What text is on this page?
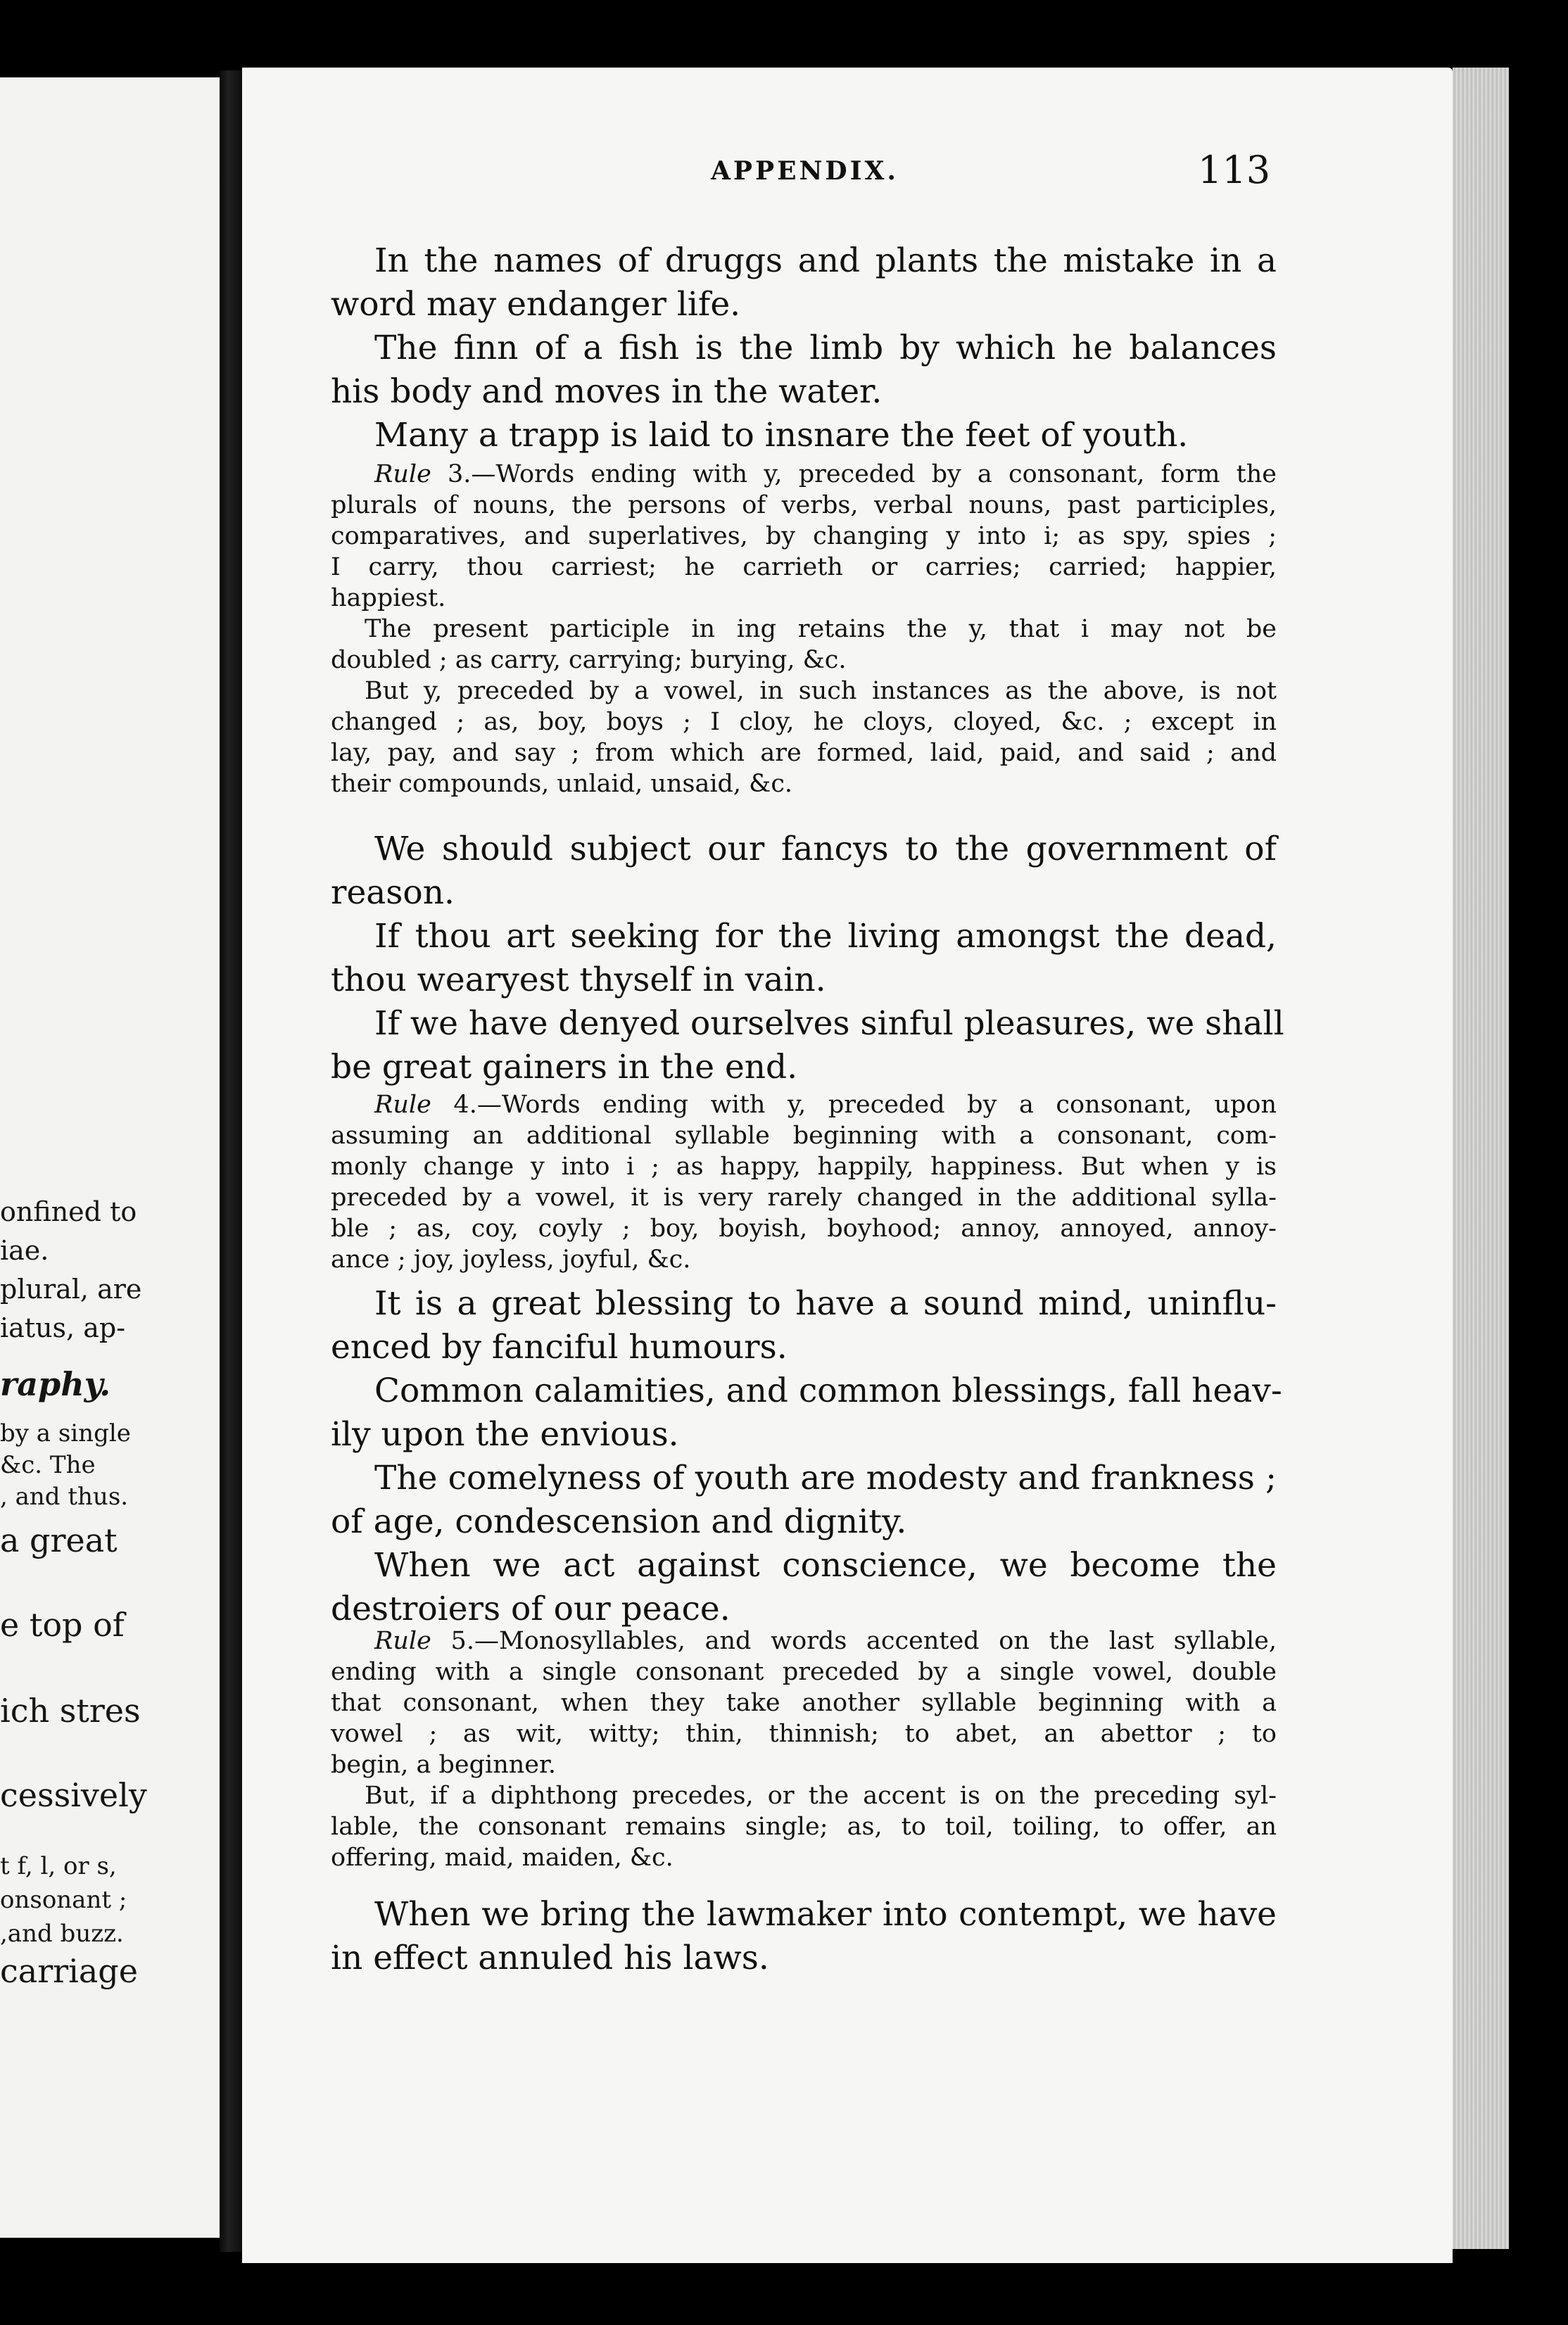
onfined to
iae.
plural, are
iatus, ap-
raphy.
by a single
&c. The
, and thus.
a great
e top of
ich stres
cessively
t f, l, or s,
onsonant ;
,and buzz.
carriage
APPENDIX.	113

In the names of druggs and plants the mistake in a
word may endanger life.

The finn of a fish is the limb by which he balances
his body and moves in the water.

Many a trapp is laid to insnare the feet of youth.

Rule 3.—Words ending with y, preceded by a consonant, form the
plurals of nouns, the persons of verbs, verbal nouns, past participles,
comparatives, and superlatives, by changing y into i; as spy, spies ;
I carry, thou carriest; he carrieth or carries; carried; happier,
happiest.

The present participle in ing retains the y, that i may not be
doubled ; as carry, carrying; burying, &c.

But y, preceded by a vowel, in such instances as the above, is not
changed ; as, boy, boys ; I cloy, he cloys, cloyed, &c. ; except in
lay, pay, and say ; from which are formed, laid, paid, and said ; and
their compounds, unlaid, unsaid, &c.

We should subject our fancys to the government of
reason.

If thou art seeking for the living amongst the dead,
thou wearyest thyself in vain.

If we have denyed ourselves sinful pleasures, we shall
be great gainers in the end.

Rule 4.—Words ending with y, preceded by a consonant, upon
assuming an additional syllable beginning with a consonant, com-
monly change y into i ; as happy, happily, happiness. But when y is
preceded by a vowel, it is very rarely changed in the additional sylla-
ble ; as, coy, coyly ; boy, boyish, boyhood; annoy, annoyed, annoy-
ance ; joy, joyless, joyful, &c.

It is a great blessing to have a sound mind, uninflu-
enced by fanciful humours.

Common calamities, and common blessings, fall heav-
ily upon the envious.

The comelyness of youth are modesty and frankness ;
of age, condescension and dignity.

When we act against conscience, we become the
destroiers of our peace.

Rule 5.—Monosyllables, and words accented on the last syllable,
ending with a single consonant preceded by a single vowel, double
that consonant, when they take another syllable beginning with a
vowel ; as wit, witty; thin, thinnish; to abet, an abettor ; to
begin, a beginner.

But, if a diphthong precedes, or the accent is on the preceding syl-
lable, the consonant remains single; as, to toil, toiling, to offer, an
offering, maid, maiden, &c.

When we bring the lawmaker into contempt, we have
in effect annuled his laws.
